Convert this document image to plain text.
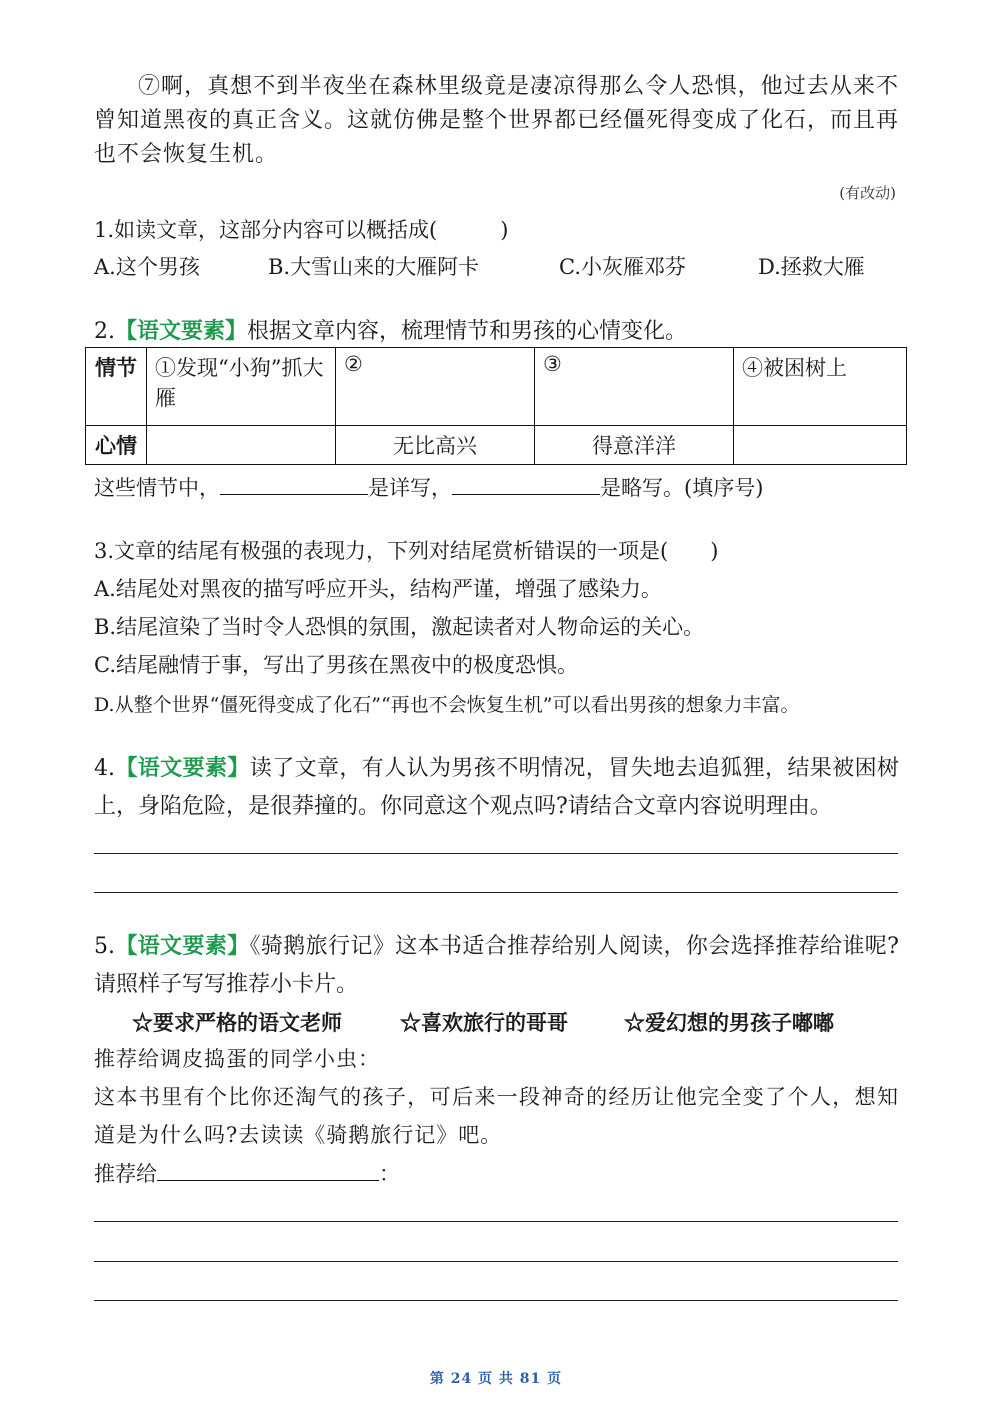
⑦啊，真想不到半夜坐在森林里级竟是凄凉得那么令人恐惧，他过去从来不曾知道黑夜的真正含义。这就仿佛是整个世界都已经僵死得变成了化石，而且再也不会恢复生机。
(有改动)
1.如读文章，这部分内容可以概括成(　　　)
A.这个男孩	B.大雪山来的大雁阿卡	C.小灰雁邓芬	D.拯救大雁
2.【语文要素】根据文章内容，梳理情节和男孩的心情变化。
情节	①发现“小狗”抓大雁	②	③	④被困树上
心情		无比高兴	得意洋洋	
这些情节中，	是详写，	是略写。(填序号)
3.文章的结尾有极强的表现力，下列对结尾赏析错误的一项是(　　)
A.结尾处对黑夜的描写呼应开头，结构严谨，增强了感染力。
B.结尾渲染了当时令人恐惧的氛围，激起读者对人物命运的关心。
C.结尾融情于事，写出了男孩在黑夜中的极度恐惧。
D.从整个世界“僵死得变成了化石”“再也不会恢复生机”可以看出男孩的想象力丰富。
4.【语文要素】读了文章，有人认为男孩不明情况，冒失地去追狐狸，结果被困树上，身陷危险，是很莽撞的。你同意这个观点吗?请结合文章内容说明理由。
5.【语文要素】《骑鹅旅行记》这本书适合推荐给别人阅读，你会选择推荐给谁呢?请照样子写写推荐小卡片。
☆要求严格的语文老师	☆喜欢旅行的哥哥	☆爱幻想的男孩子嘟嘟
推荐给调皮捣蛋的同学小虫：
这本书里有个比你还淘气的孩子，可后来一段神奇的经历让他完全变了个人，想知道是为什么吗?去读读《骑鹅旅行记》吧。
推荐给	：
第 24 页 共 81 页
